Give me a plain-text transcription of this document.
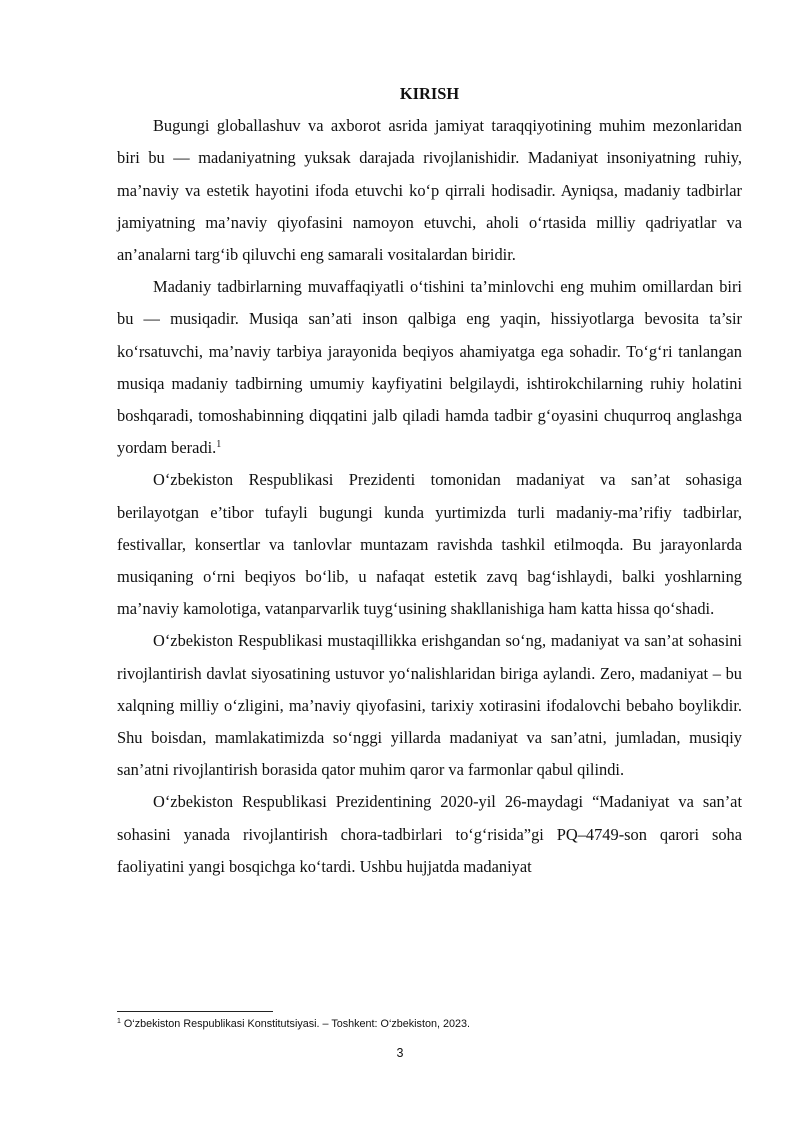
KIRISH

Bugungi globallashuv va axborot asrida jamiyat taraqqiyotining muhim mezonlaridan biri bu — madaniyatning yuksak darajada rivojlanishidir. Madaniyat insoniyatning ruhiy, ma’naviy va estetik hayotini ifoda etuvchi ko‘p qirrali hodisadir. Ayniqsa, madaniy tadbirlar jamiyatning ma’naviy qiyofasini namoyon etuvchi, aholi o‘rtasida milliy qadriyatlar va an’analarni targ‘ib qiluvchi eng samarali vositalardan biridir.

Madaniy tadbirlarning muvaffaqiyatli o‘tishini ta’minlovchi eng muhim omillardan biri bu — musiqadir. Musiqa san’ati inson qalbiga eng yaqin, hissiyotlarga bevosita ta’sir ko‘rsatuvchi, ma’naviy tarbiya jarayonida beqiyos ahamiyatga ega sohadir. To‘g‘ri tanlangan musiqa madaniy tadbirning umumiy kayfiyatini belgilaydi, ishtirokchilarning ruhiy holatini boshqaradi, tomoshabinning diqqatini jalb qiladi hamda tadbir g‘oyasini chuqurroq anglashga yordam beradi.$^1$

O‘zbekiston Respublikasi Prezidenti tomonidan madaniyat va san’at sohasiga berilayotgan e’tibor tufayli bugungi kunda yurtimizda turli madaniy-ma’rifiy tadbirlar, festivallar, konsertlar va tanlovlar muntazam ravishda tashkil etilmoqda. Bu jarayonlarda musiqaning o‘rni beqiyos bo‘lib, u nafaqat estetik zavq bag‘ishlaydi, balki yoshlarning ma’naviy kamolotiga, vatanparvarlik tuyg‘usining shakllanishiga ham katta hissa qo‘shadi.

O‘zbekiston Respublikasi mustaqillikka erishgandan so‘ng, madaniyat va san’at sohasini rivojlantirish davlat siyosatining ustuvor yo‘nalishlaridan biriga aylandi. Zero, madaniyat – bu xalqning milliy o‘zligini, ma’naviy qiyofasini, tarixiy xotirasini ifodalovchi bebaho boylikdir. Shu boisdan, mamlakatimizda so‘nggi yillarda madaniyat va san’atni, jumladan, musiqiy san’atni rivojlantirish borasida qator muhim qaror va farmonlar qabul qilindi.

O‘zbekiston Respublikasi Prezidentining 2020-yil 26-maydagi “Madaniyat va san’at sohasini yanada rivojlantirish chora-tadbirlari to‘g‘risida”gi PQ–4749-son qarori soha faoliyatini yangi bosqichga ko‘tardi. Ushbu hujjatda madaniyat

$^1$ O‘zbekiston Respublikasi Konstitutsiyasi. – Toshkent: O‘zbekiston, 2023.
3
